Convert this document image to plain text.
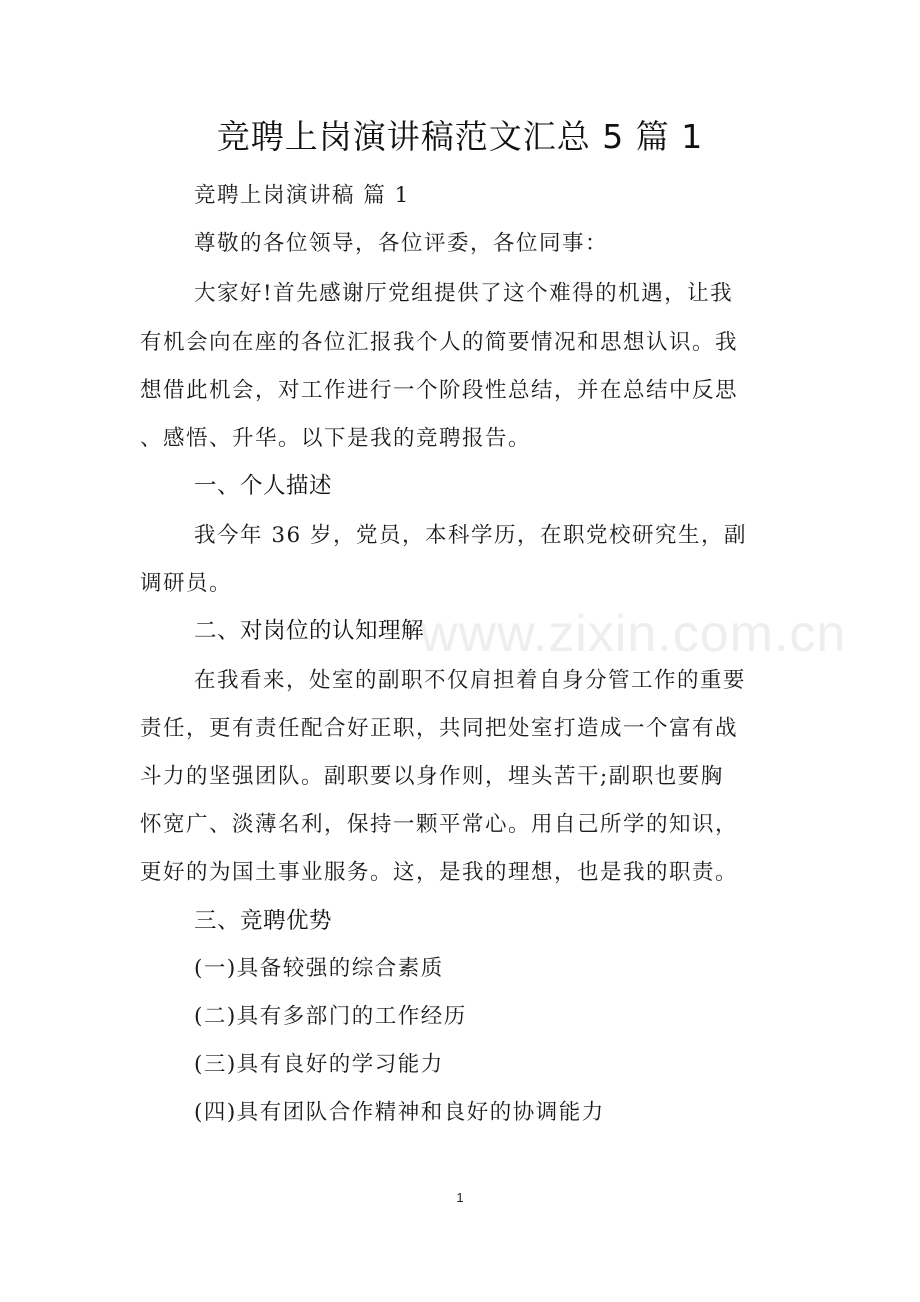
www.zixin.com.cn
竞聘上岗演讲稿范文汇总 5 篇 1
竞聘上岗演讲稿 篇 1
尊敬的各位领导，各位评委，各位同事：
大家好!首先感谢厅党组提供了这个难得的机遇，让我
有机会向在座的各位汇报我个人的简要情况和思想认识。我
想借此机会，对工作进行一个阶段性总结，并在总结中反思
、感悟、升华。以下是我的竞聘报告。
一、个人描述
我今年 36 岁，党员，本科学历，在职党校研究生，副
调研员。
二、对岗位的认知理解
在我看来，处室的副职不仅肩担着自身分管工作的重要
责任，更有责任配合好正职，共同把处室打造成一个富有战
斗力的坚强团队。副职要以身作则，埋头苦干;副职也要胸
怀宽广、淡薄名利，保持一颗平常心。用自己所学的知识，
更好的为国土事业服务。这，是我的理想，也是我的职责。
三、竞聘优势
(一)具备较强的综合素质
(二)具有多部门的工作经历
(三)具有良好的学习能力
(四)具有团队合作精神和良好的协调能力
1
